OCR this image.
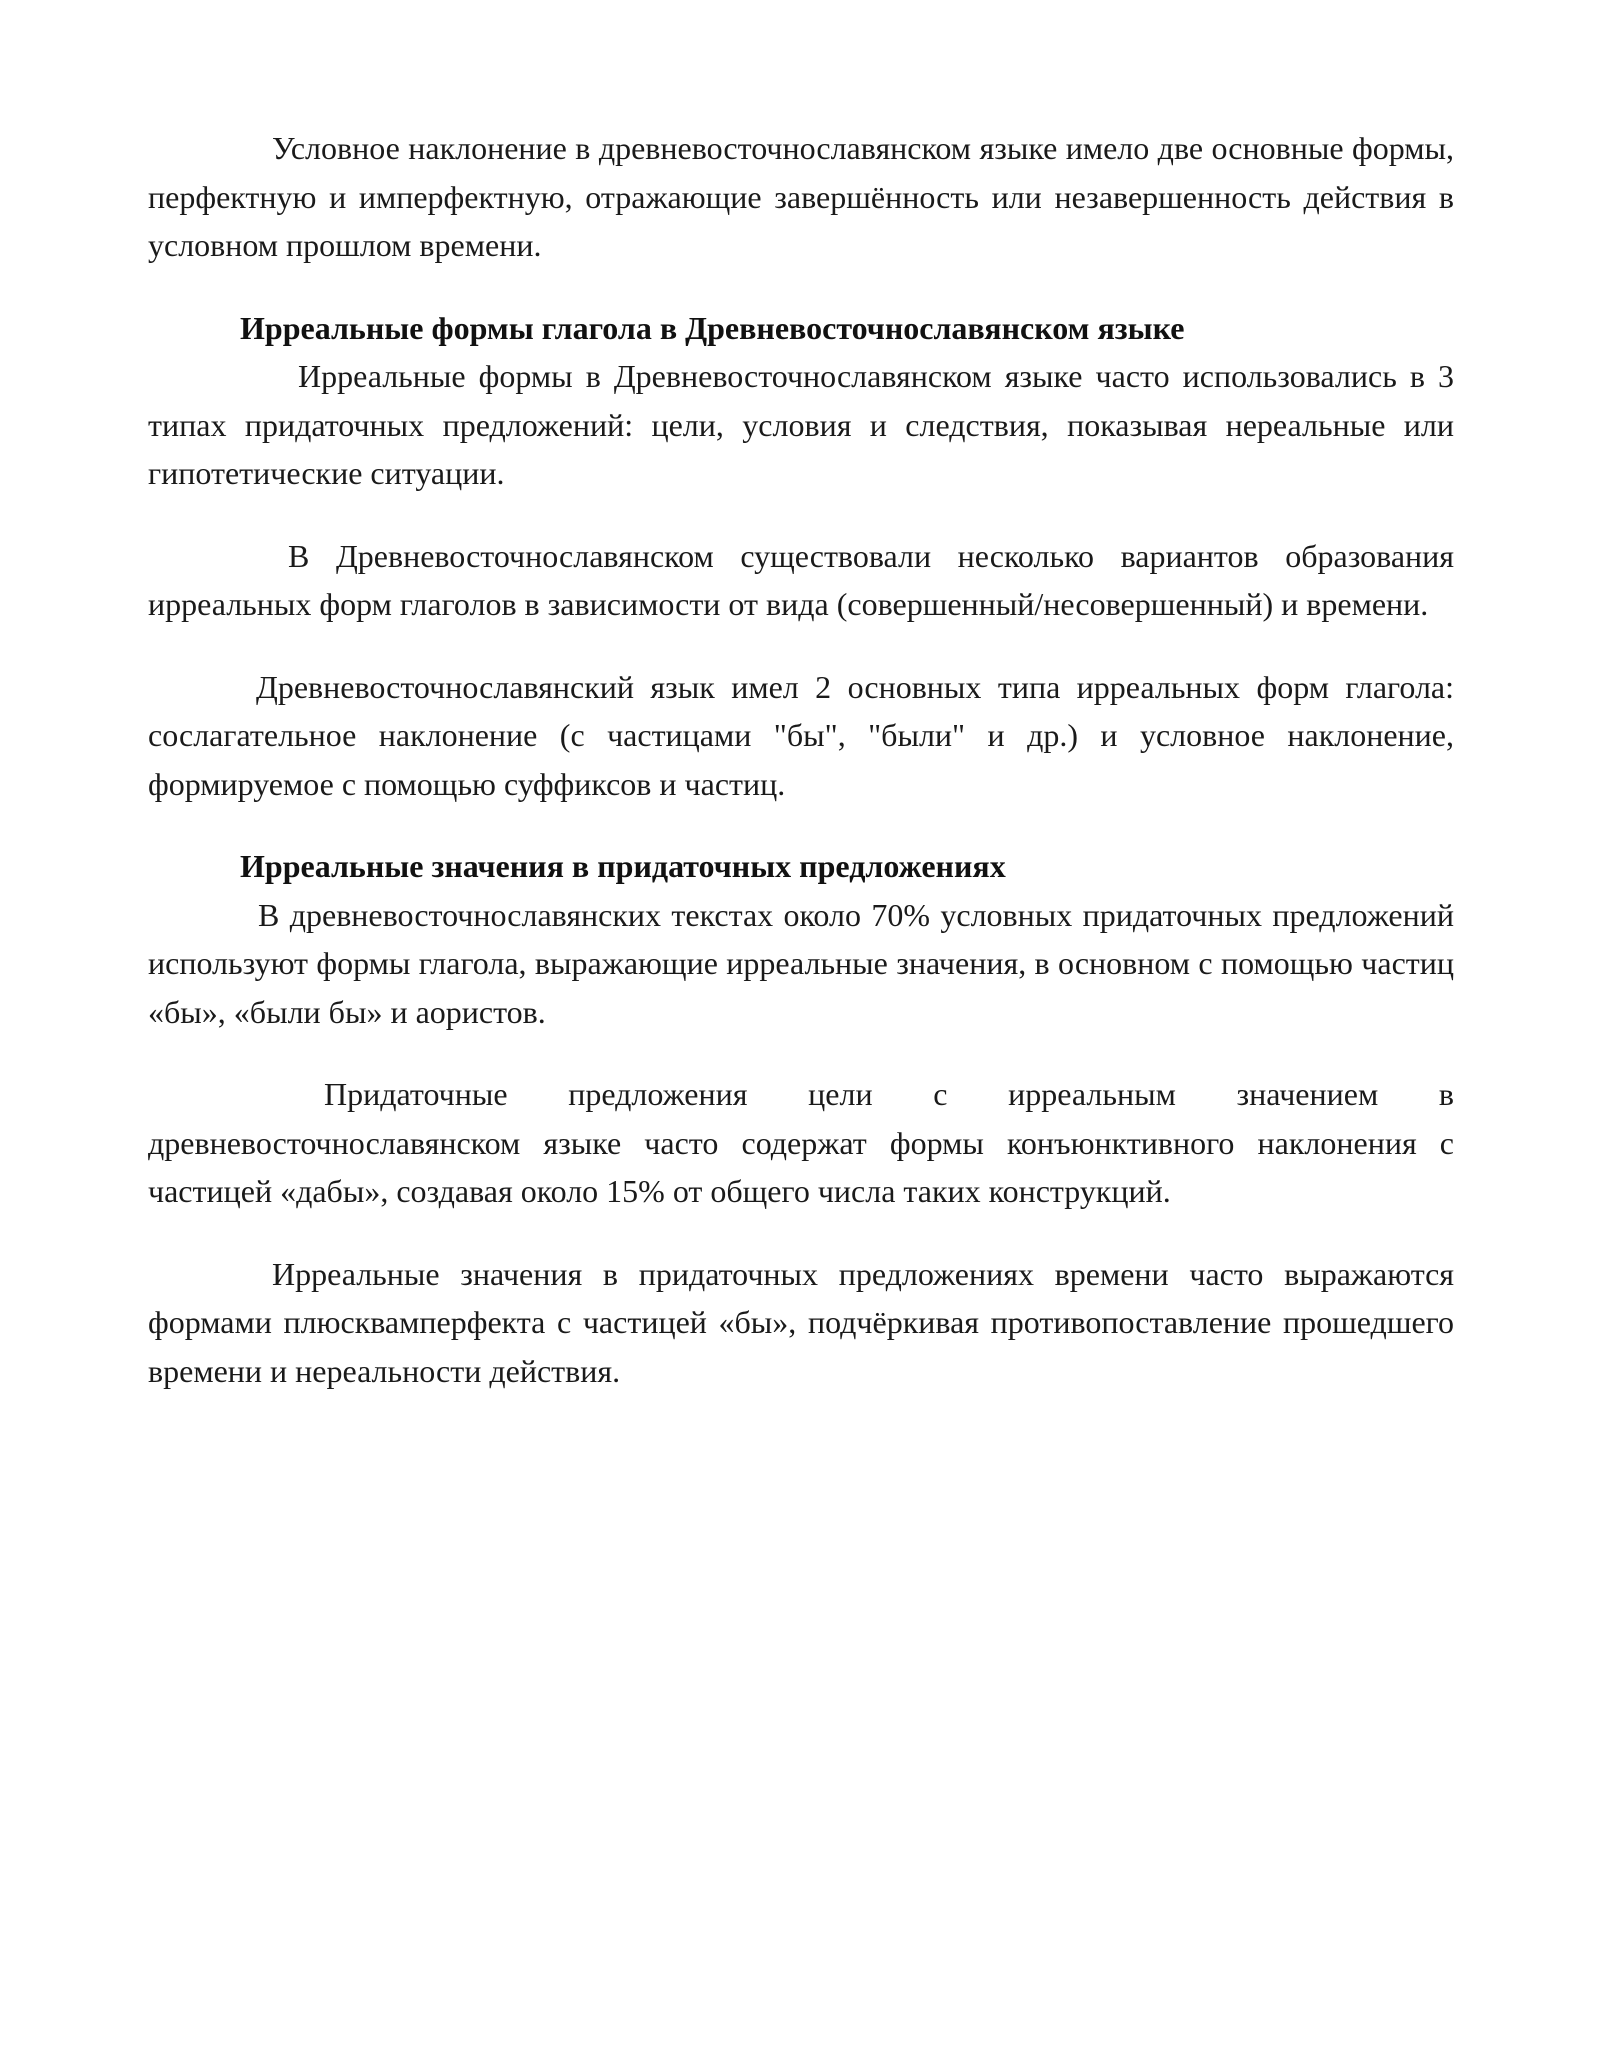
Условное наклонение в древневосточнославянском языке имело две основные формы, перфектную и имперфектную, отражающие завершённость или незавершенность действия в условном прошлом времени.

Ирреальные формы глагола в Древневосточнославянском языке

Ирреальные формы в Древневосточнославянском языке часто использовались в 3 типах придаточных предложений: цели, условия и следствия, показывая нереальные или гипотетические ситуации.

В Древневосточнославянском существовали несколько вариантов образования ирреальных форм глаголов в зависимости от вида (совершенный/несовершенный) и времени.

Древневосточнославянский язык имел 2 основных типа ирреальных форм глагола: сослагательное наклонение (с частицами "бы", "были" и др.) и условное наклонение, формируемое с помощью суффиксов и частиц.

Ирреальные значения в придаточных предложениях

В древневосточнославянских текстах около 70% условных придаточных предложений используют формы глагола, выражающие ирреальные значения, в основном с помощью частиц «бы», «были бы» и аористов.

Придаточные предложения цели с ирреальным значением в древневосточнославянском языке часто содержат формы конъюнктивного наклонения с частицей «дабы», создавая около 15% от общего числа таких конструкций.

Ирреальные значения в придаточных предложениях времени часто выражаются формами плюсквамперфекта с частицей «бы», подчёркивая противопоставление прошедшего времени и нереальности действия.
